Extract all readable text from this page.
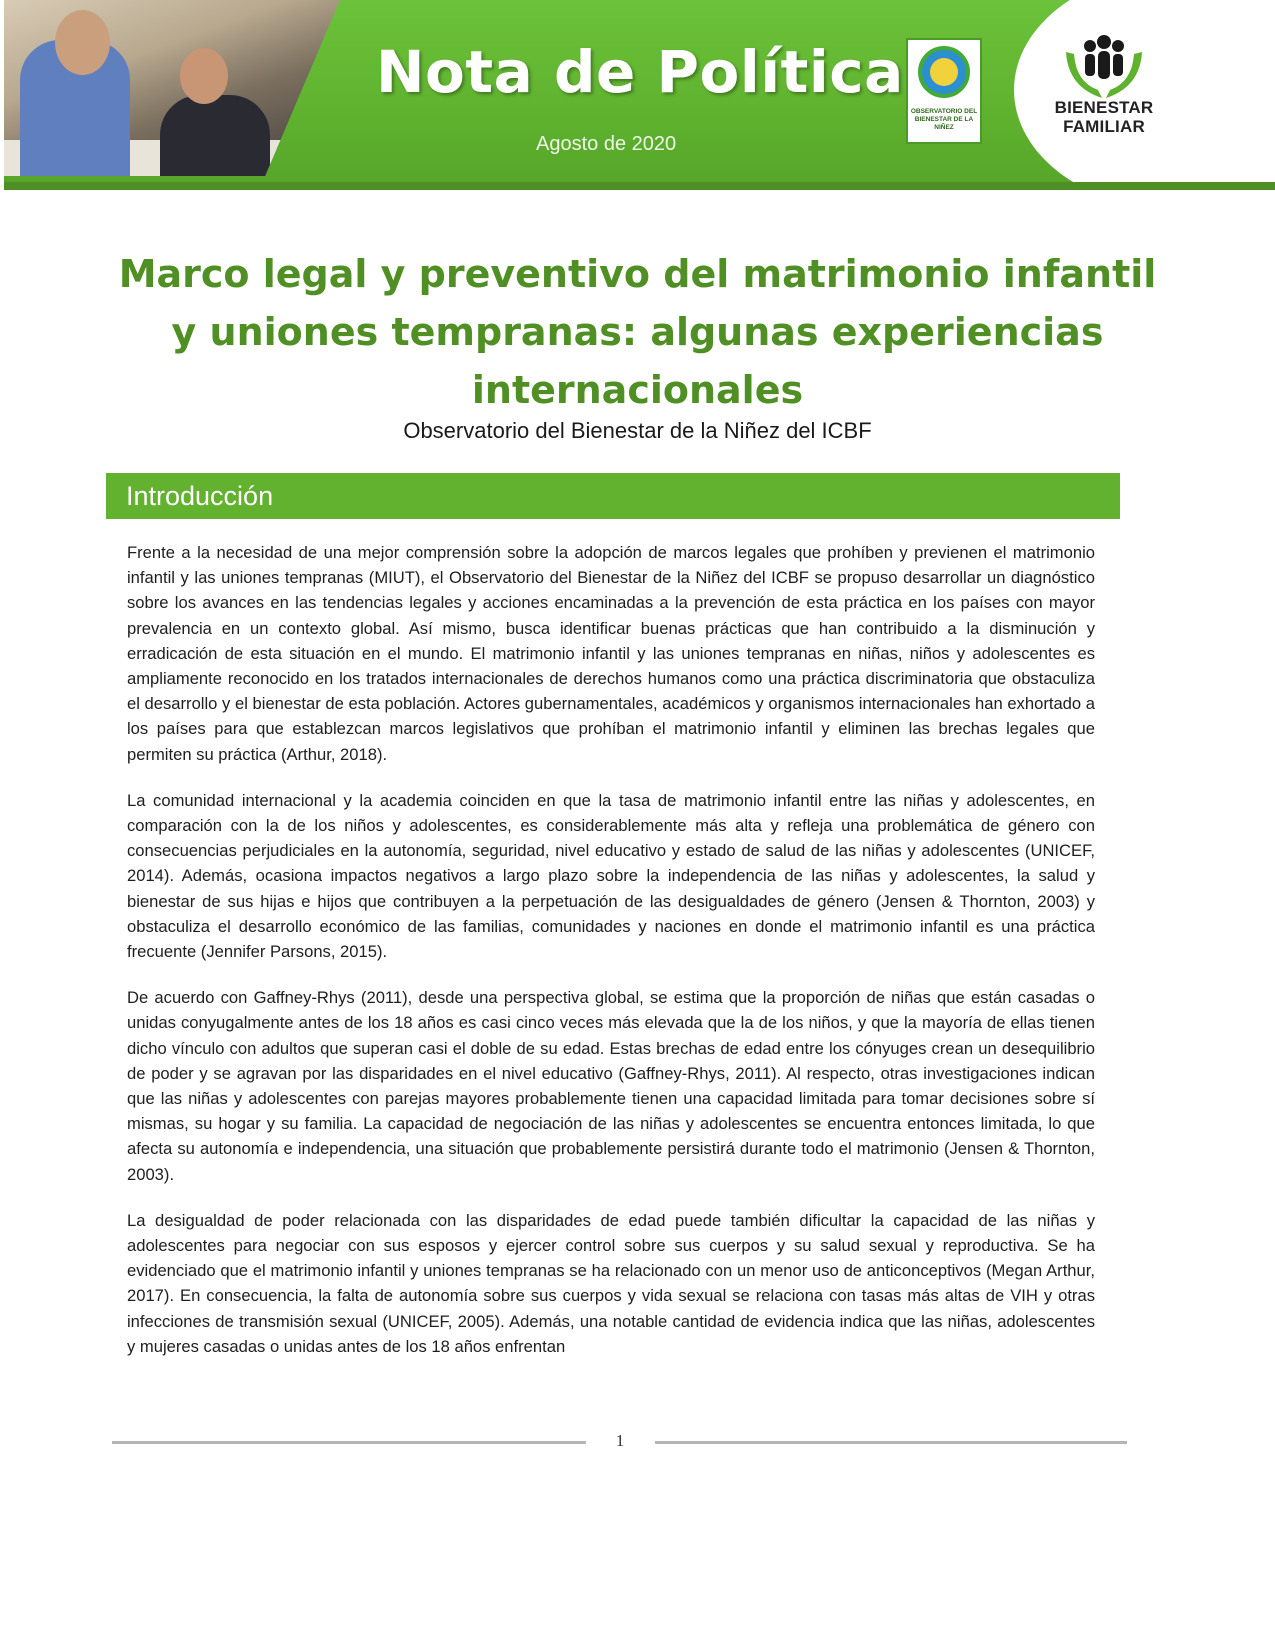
Nota de Política
Agosto de 2020
OBSERVATORIO DEL BIENESTAR DE LA NIÑEZ
BIENESTAR
FAMILIAR
Marco legal y preventivo del matrimonio infantil y uniones tempranas: algunas experiencias internacionales
Observatorio del Bienestar de la Niñez del ICBF
Introducción

Frente a la necesidad de una mejor comprensión sobre la adopción de marcos legales que prohíben y previenen el matrimonio infantil y las uniones tempranas (MIUT), el Observatorio del Bienestar de la Niñez del ICBF se propuso desarrollar un diagnóstico sobre los avances en las tendencias legales y acciones encaminadas a la prevención de esta práctica en los países con mayor prevalencia en un contexto global. Así mismo, busca identificar buenas prácticas que han contribuido a la disminución y erradicación de esta situación en el mundo. El matrimonio infantil y las uniones tempranas en niñas, niños y adolescentes es ampliamente reconocido en los tratados internacionales de derechos humanos como una práctica discriminatoria que obstaculiza el desarrollo y el bienestar de esta población. Actores gubernamentales, académicos y organismos internacionales han exhortado a los países para que establezcan marcos legislativos que prohíban el matrimonio infantil y eliminen las brechas legales que permiten su práctica (Arthur, 2018).

La comunidad internacional y la academia coinciden en que la tasa de matrimonio infantil entre las niñas y adolescentes, en comparación con la de los niños y adolescentes, es considerablemente más alta y refleja una problemática de género con consecuencias perjudiciales en la autonomía, seguridad, nivel educativo y estado de salud de las niñas y adolescentes (UNICEF, 2014). Además, ocasiona impactos negativos a largo plazo sobre la independencia de las niñas y adolescentes, la salud y bienestar de sus hijas e hijos que contribuyen a la perpetuación de las desigualdades de género (Jensen & Thornton, 2003) y obstaculiza el desarrollo económico de las familias, comunidades y naciones en donde el matrimonio infantil es una práctica frecuente (Jennifer Parsons, 2015).

De acuerdo con Gaffney-Rhys (2011), desde una perspectiva global, se estima que la proporción de niñas que están casadas o unidas conyugalmente antes de los 18 años es casi cinco veces más elevada que la de los niños, y que la mayoría de ellas tienen dicho vínculo con adultos que superan casi el doble de su edad. Estas brechas de edad entre los cónyuges crean un desequilibrio de poder y se agravan por las disparidades en el nivel educativo (Gaffney-Rhys, 2011). Al respecto, otras investigaciones indican que las niñas y adolescentes con parejas mayores probablemente tienen una capacidad limitada para tomar decisiones sobre sí mismas, su hogar y su familia. La capacidad de negociación de las niñas y adolescentes se encuentra entonces limitada, lo que afecta su autonomía e independencia, una situación que probablemente persistirá durante todo el matrimonio (Jensen & Thornton, 2003).

La desigualdad de poder relacionada con las disparidades de edad puede también dificultar la capacidad de las niñas y adolescentes para negociar con sus esposos y ejercer control sobre sus cuerpos y su salud sexual y reproductiva. Se ha evidenciado que el matrimonio infantil y uniones tempranas se ha relacionado con un menor uso de anticonceptivos (Megan Arthur, 2017). En consecuencia, la falta de autonomía sobre sus cuerpos y vida sexual se relaciona con tasas más altas de VIH y otras infecciones de transmisión sexual (UNICEF, 2005). Además, una notable cantidad de evidencia indica que las niñas, adolescentes y mujeres casadas o unidas antes de los 18 años enfrentan

1
